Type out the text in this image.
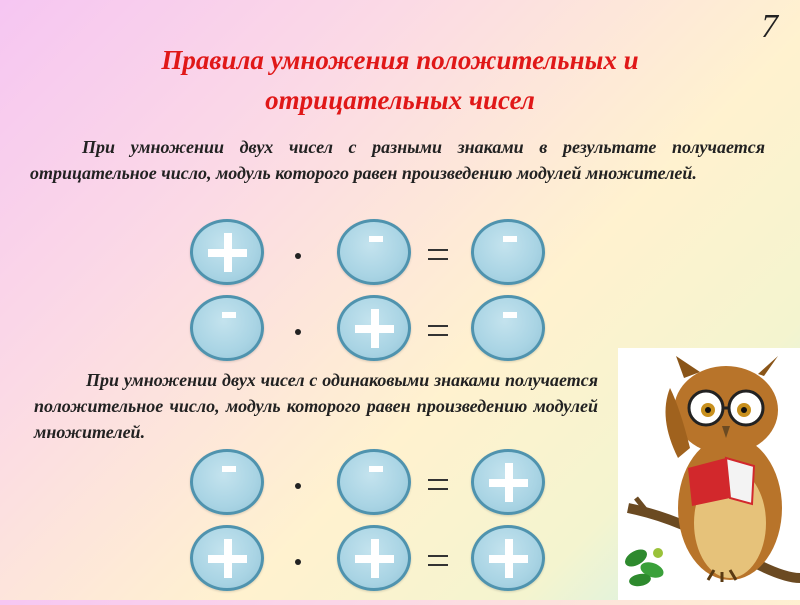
7
Правила умножения положительных и отрицательных чисел
При умножении двух чисел с разными знаками в результате получается отрицательное число, модуль которого равен произведению модулей множителей.
При умножении двух чисел с одинаковыми знаками получается положительное число, модуль которого равен произведению модулей множителей.
